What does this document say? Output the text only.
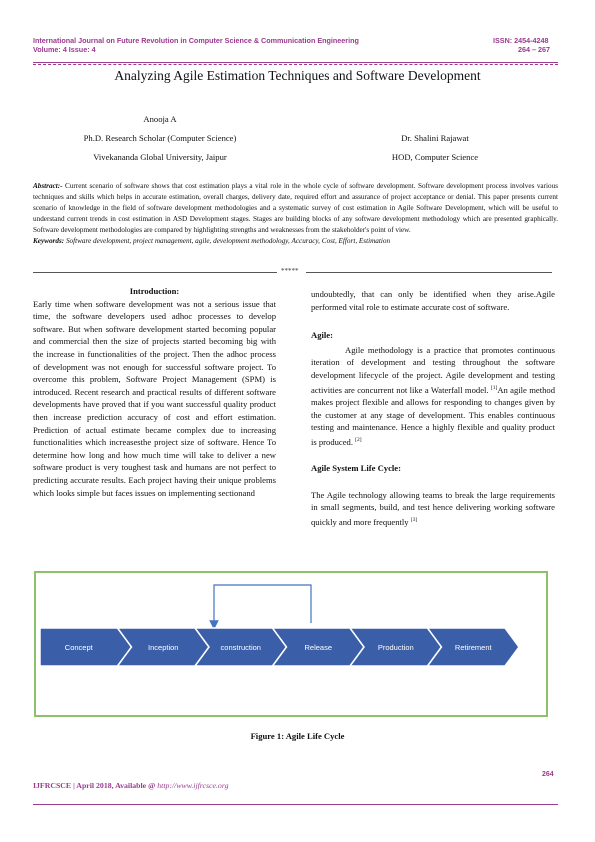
International Journal on Future Revolution in Computer Science & Communication Engineering	ISSN: 2454-4248
Volume: 4 Issue: 4	264 – 267
Analyzing Agile Estimation Techniques and Software Development
Anooja A
Ph.D. Research Scholar (Computer Science)
Vivekananda Global University, Jaipur
Dr. Shalini Rajawat
HOD, Computer Science
Abstract:- Current scenario of software shows that cost estimation plays a vital role in the whole cycle of software development. Software development process involves various techniques and skills which helps in accurate estimation, overall charges, delivery date, required effort and assurance of project acceptance or denial. This paper presents current scenario of knowledge in the field of software development methodologies and a systematic survey of cost estimation in Agile Software Development, which will be useful to understand current trends in cost estimation in ASD Development stages. Stages are building blocks of any software development methodology which are presented graphically. Software development methodologies are compared by highlighting strengths and weaknesses from the stakeholder's point of view.
Keywords: Software development, project management, agile, development methodology, Accuracy, Cost, Effort, Estimation
*****
Introduction:

Early time when software development was not a serious issue that time, the software developers used adhoc processes to develop software. But when software development started becoming popular and commercial then the size of projects started becoming big with the increase in functionalities of the project. Then the adhoc process of development was not enough for successful software project. To overcome this problem, Software Project Management (SPM) is introduced. Recent research and practical results of different software developments have proved that if you want successful quality product then increase prediction accuracy of cost and effort estimation. Prediction of actual estimate became complex due to increasing functionalities which increasesthe project size of software. Hence To determine how long and how much time will take to deliver a new software product is very toughest task and humans are not perfect to predicting accurate results. Each project having their unique problems which looks simple but faces issues on implementing sectionand

undoubtedly, that can only be identified when they arise.Agile performed vital role to estimate accurate cost of software.

Agile:

Agile methodology is a practice that promotes continuous iteration of development and testing throughout the software development lifecycle of the project. Agile development and testing activities are concurrent not like a Waterfall model. [1]An agile method makes project flexible and allows for responding to changes given by the customer at any stage of development. This enables continuous testing and maintenance. Hence a highly flexible and quality product is produced. [2]

Agile System Life Cycle:

The Agile technology allowing teams to break the large requirements in small segments, build, and test hence delivering working software quickly and more frequently [3]

Concept	Inception	construction	Release	Production	Retirement
Figure 1: Agile Life Cycle
264
IJFRCSCE | April 2018, Available @ http://www.ijfrcsce.org
